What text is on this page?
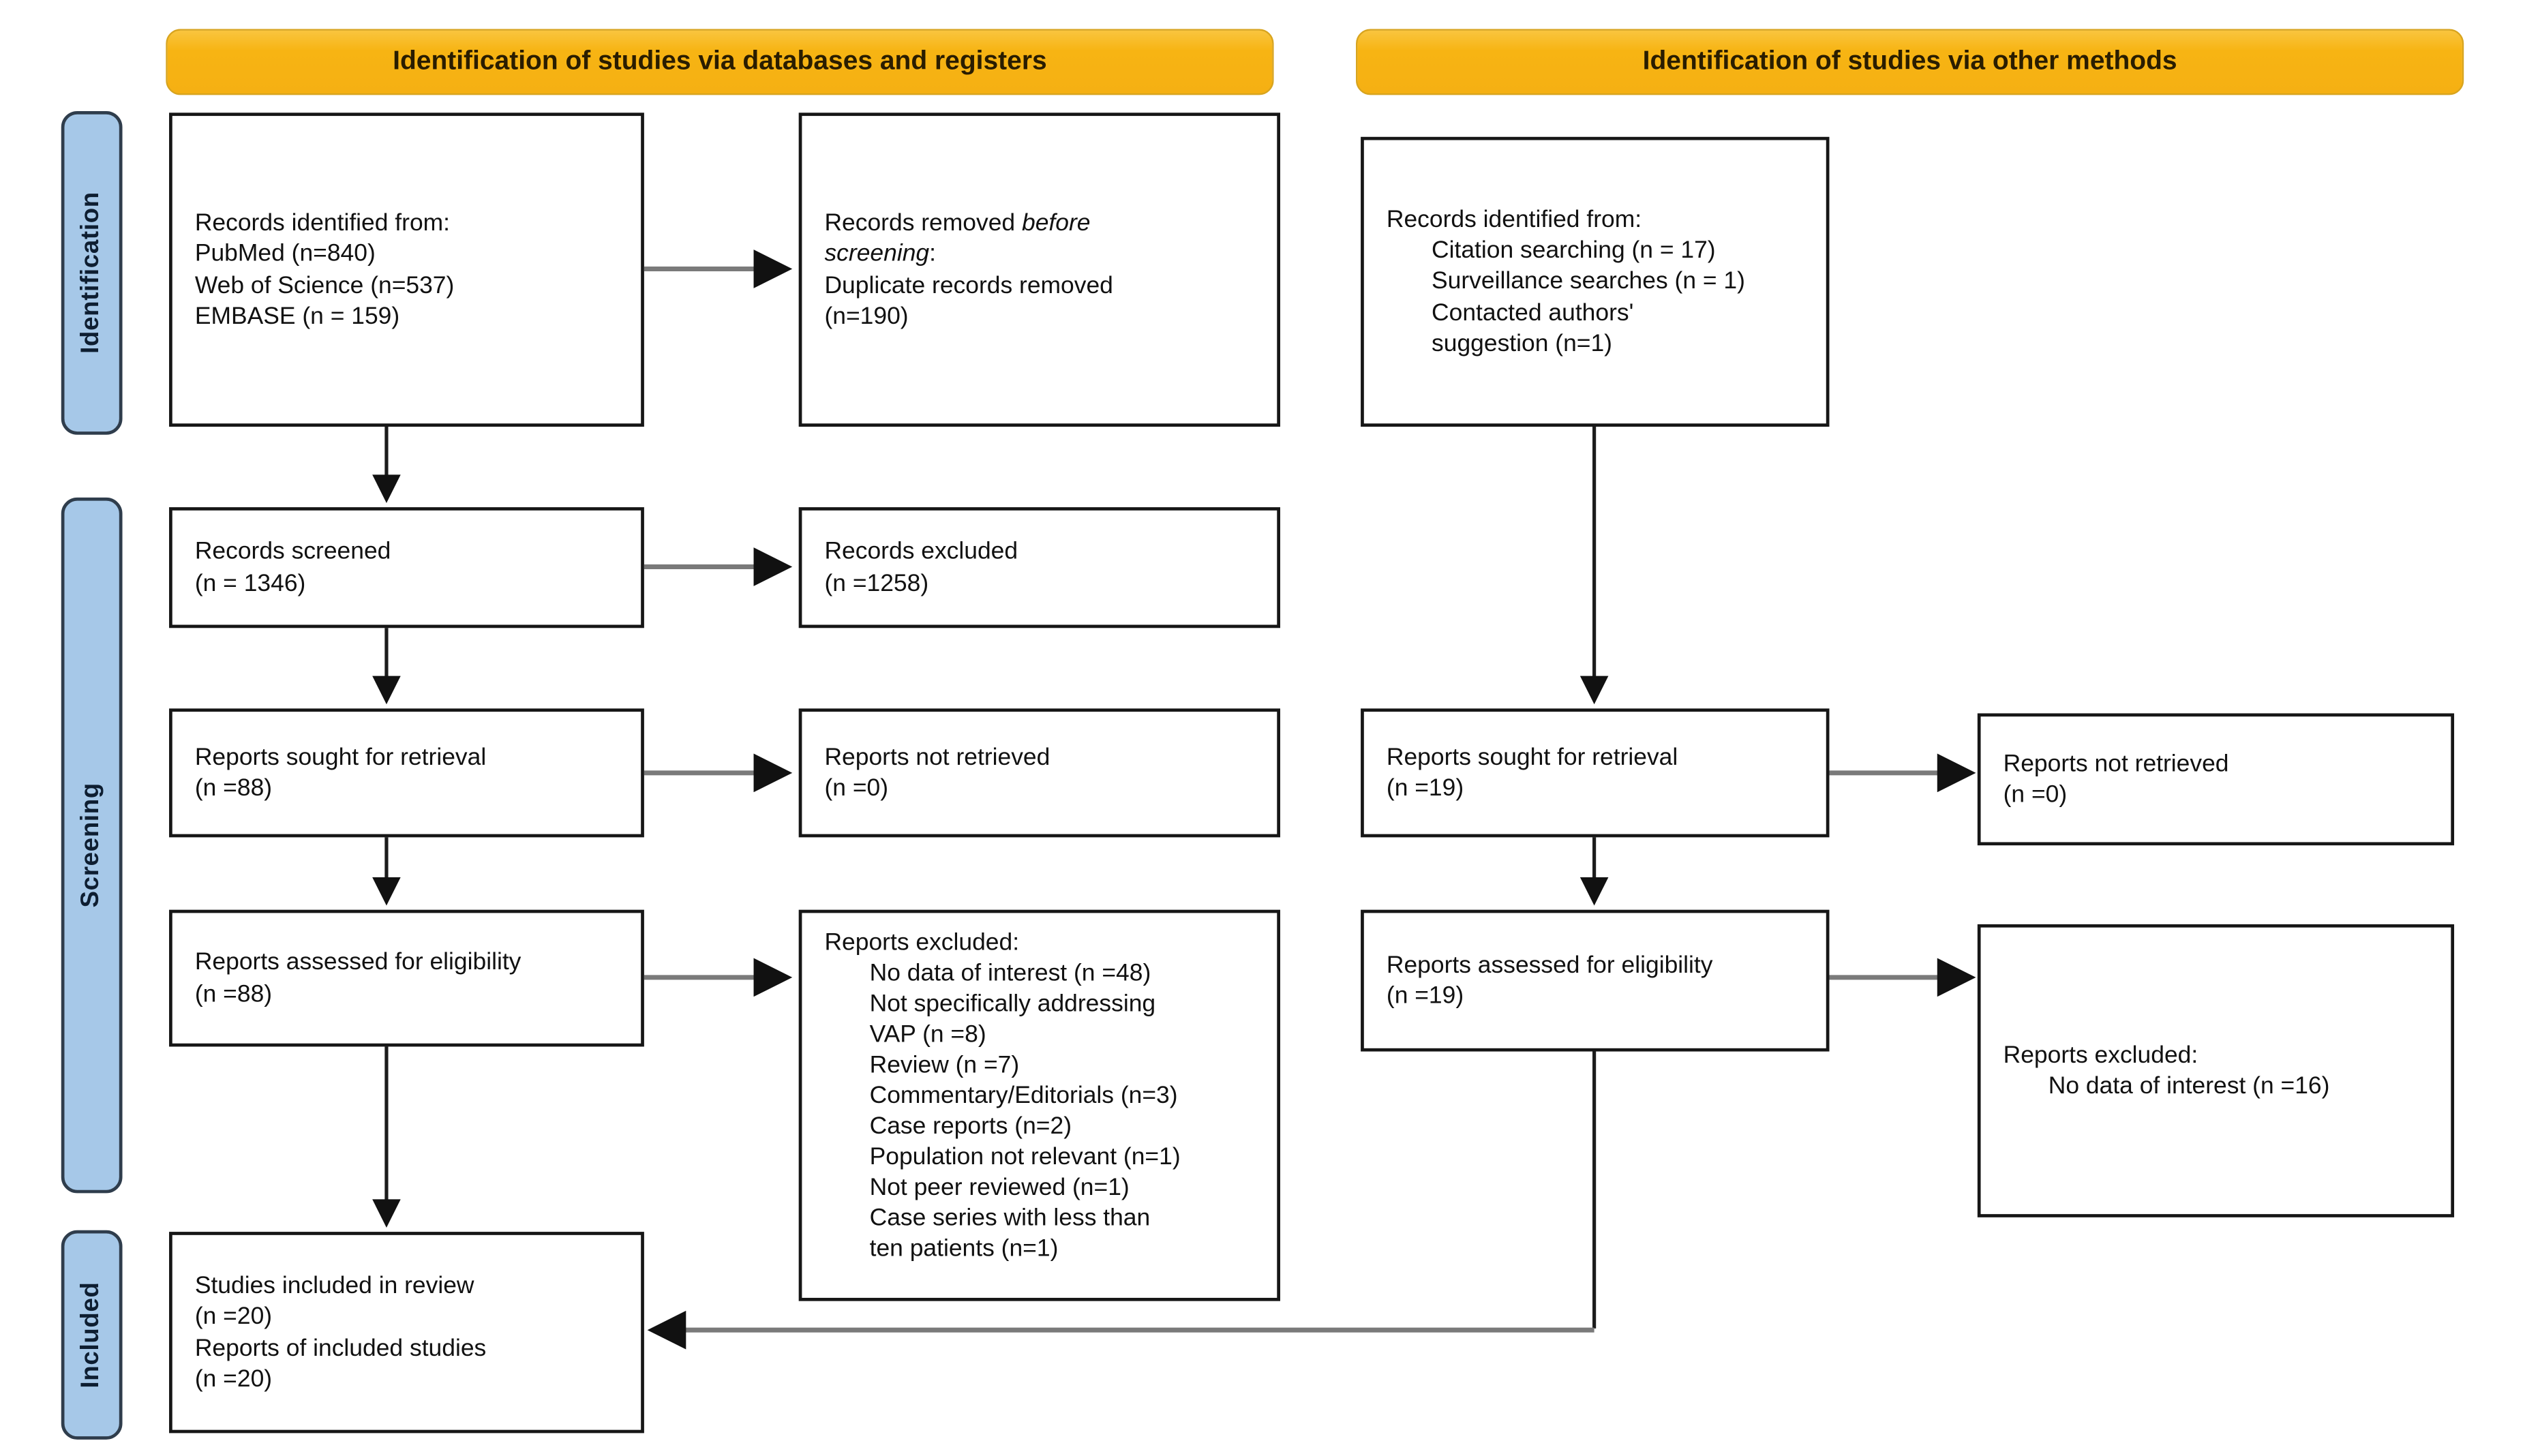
Identification of studies via databases and registers	Identification of studies via other methods
Identification
Screening
Included
Records identified from:
PubMed (n=840)
Web of Science (n=537)
EMBASE (n = 159)
Records removed before
screening:
Duplicate records removed
(n=190)
Records screened
(n = 1346)
Records excluded
(n =1258)
Reports sought for retrieval
(n =88)
Reports not retrieved
(n =0)
Reports assessed for eligibility
(n =88)
Reports excluded:
No data of interest (n =48)
Not specifically addressing
VAP (n =8)
Review (n =7)
Commentary/Editorials (n=3)
Case reports (n=2)
Population not relevant (n=1)
Not peer reviewed (n=1)
Case series with less than
ten patients (n=1)
Studies included in review
(n =20)
Reports of included studies
(n =20)
Records identified from:
Citation searching (n = 17)
Surveillance searches (n = 1)
Contacted authors'
suggestion (n=1)
Reports sought for retrieval
(n =19)
Reports not retrieved
(n =0)
Reports assessed for eligibility
(n =19)
Reports excluded:
No data of interest (n =16)
